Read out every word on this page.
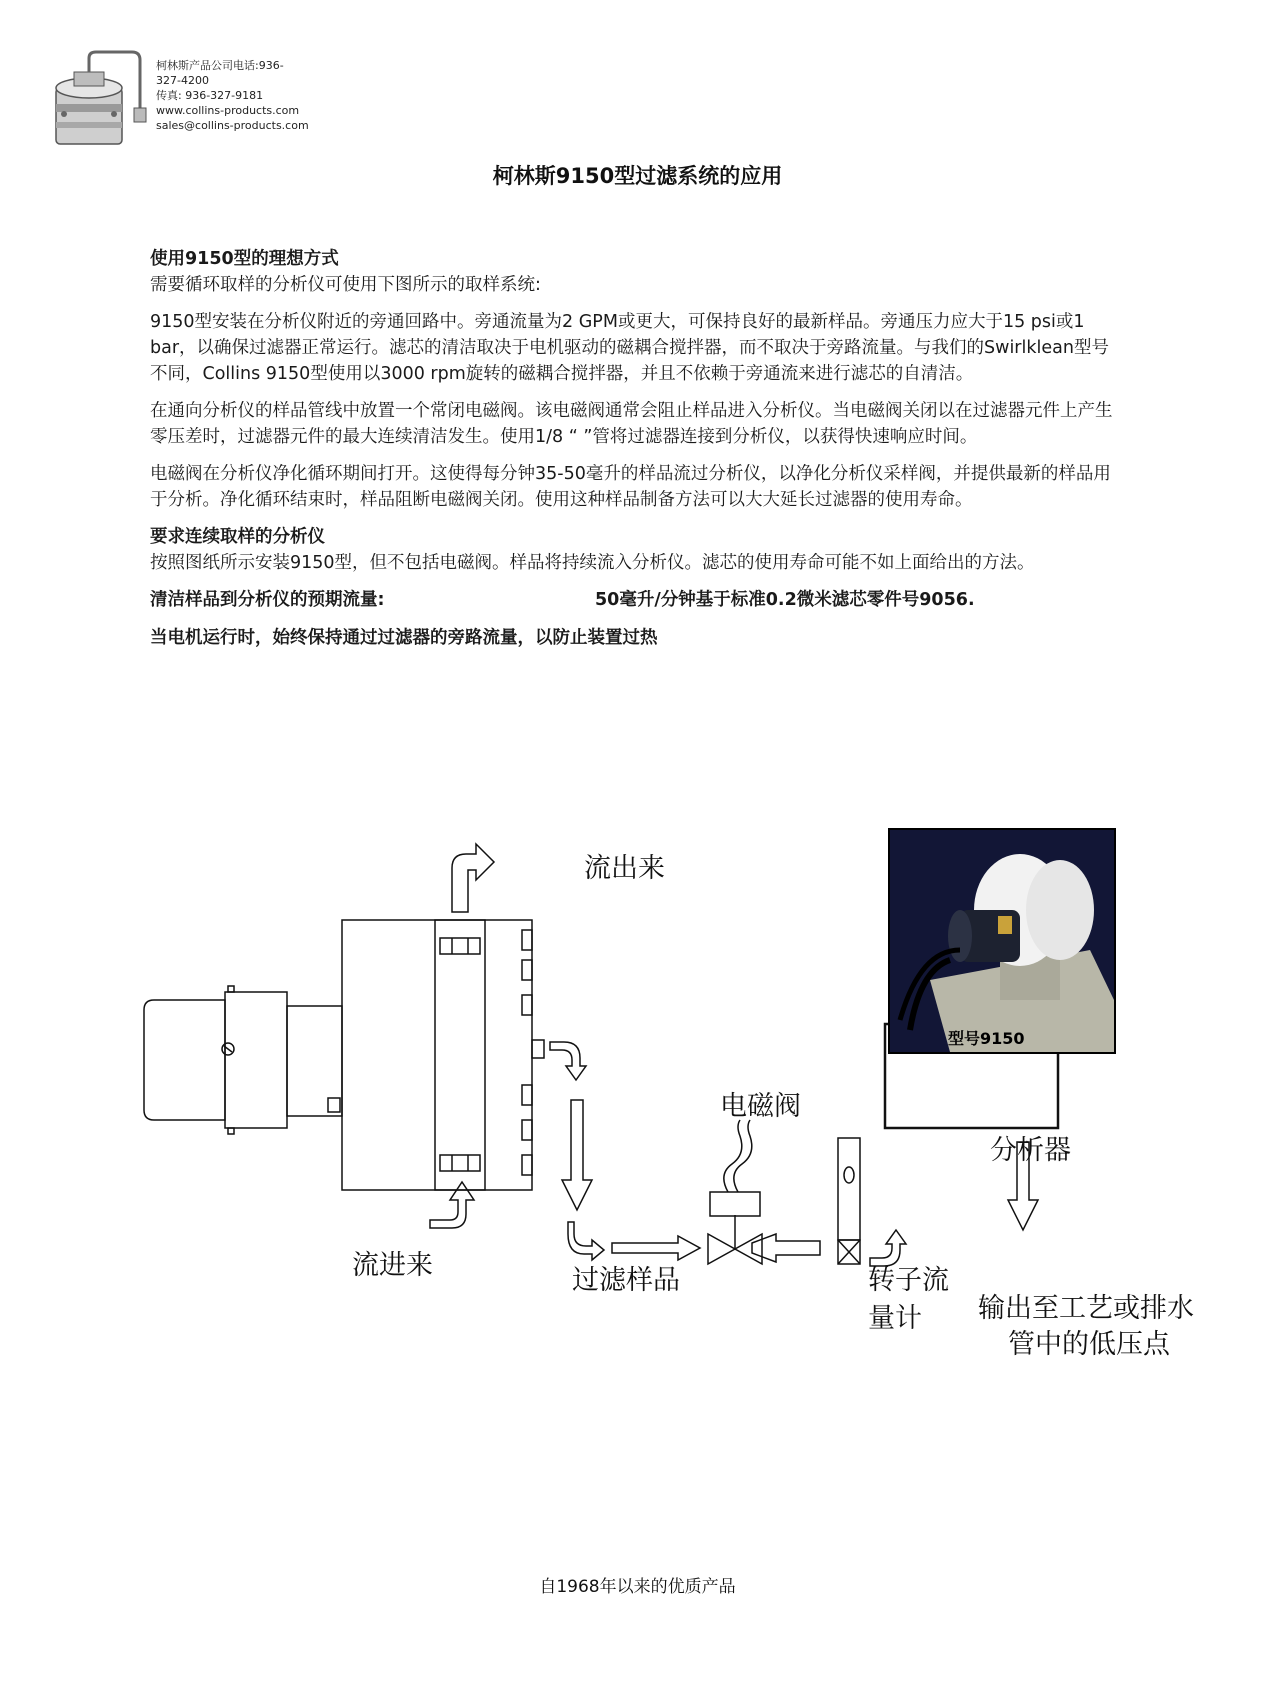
柯林斯产品公司电话:936-
327-4200
传真: 936-327-9181
www.collins-products.com
sales@collins-products.com
柯林斯9150型过滤系统的应用

使用9150型的理想方式

需要循环取样的分析仪可使用下图所示的取样系统:

9150型安装在分析仪附近的旁通回路中。旁通流量为2 GPM或更大，可保持良好的最新样品。旁通压力应大于15 psi或1 bar，以确保过滤器正常运行。滤芯的清洁取决于电机驱动的磁耦合搅拌器，而不取决于旁路流量。与我们的Swirlklean型号不同，Collins 9150型使用以3000 rpm旋转的磁耦合搅拌器，并且不依赖于旁通流来进行滤芯的自清洁。

在通向分析仪的样品管线中放置一个常闭电磁阀。该电磁阀通常会阻止样品进入分析仪。当电磁阀关闭以在过滤器元件上产生零压差时，过滤器元件的最大连续清洁发生。使用1/8 “ ”管将过滤器连接到分析仪，以获得快速响应时间。

电磁阀在分析仪净化循环期间打开。这使得每分钟35-50毫升的样品流过分析仪，以净化分析仪采样阀，并提供最新的样品用于分析。净化循环结束时，样品阻断电磁阀关闭。使用这种样品制备方法可以大大延长过滤器的使用寿命。

要求连续取样的分析仪

按照图纸所示安装9150型，但不包括电磁阀。样品将持续流入分析仪。滤芯的使用寿命可能不如上面给出的方法。

清洁样品到分析仪的预期流量:	50毫升/分钟基于标准0.2微米滤芯零件号9056.

当电机运行时，始终保持通过过滤器的旁路流量，以防止装置过热

型号9150
流出来
流进来	过滤样品
电磁阀
转子流
量计
分析器
输出至工艺或排水
管中的低压点
自1968年以来的优质产品
